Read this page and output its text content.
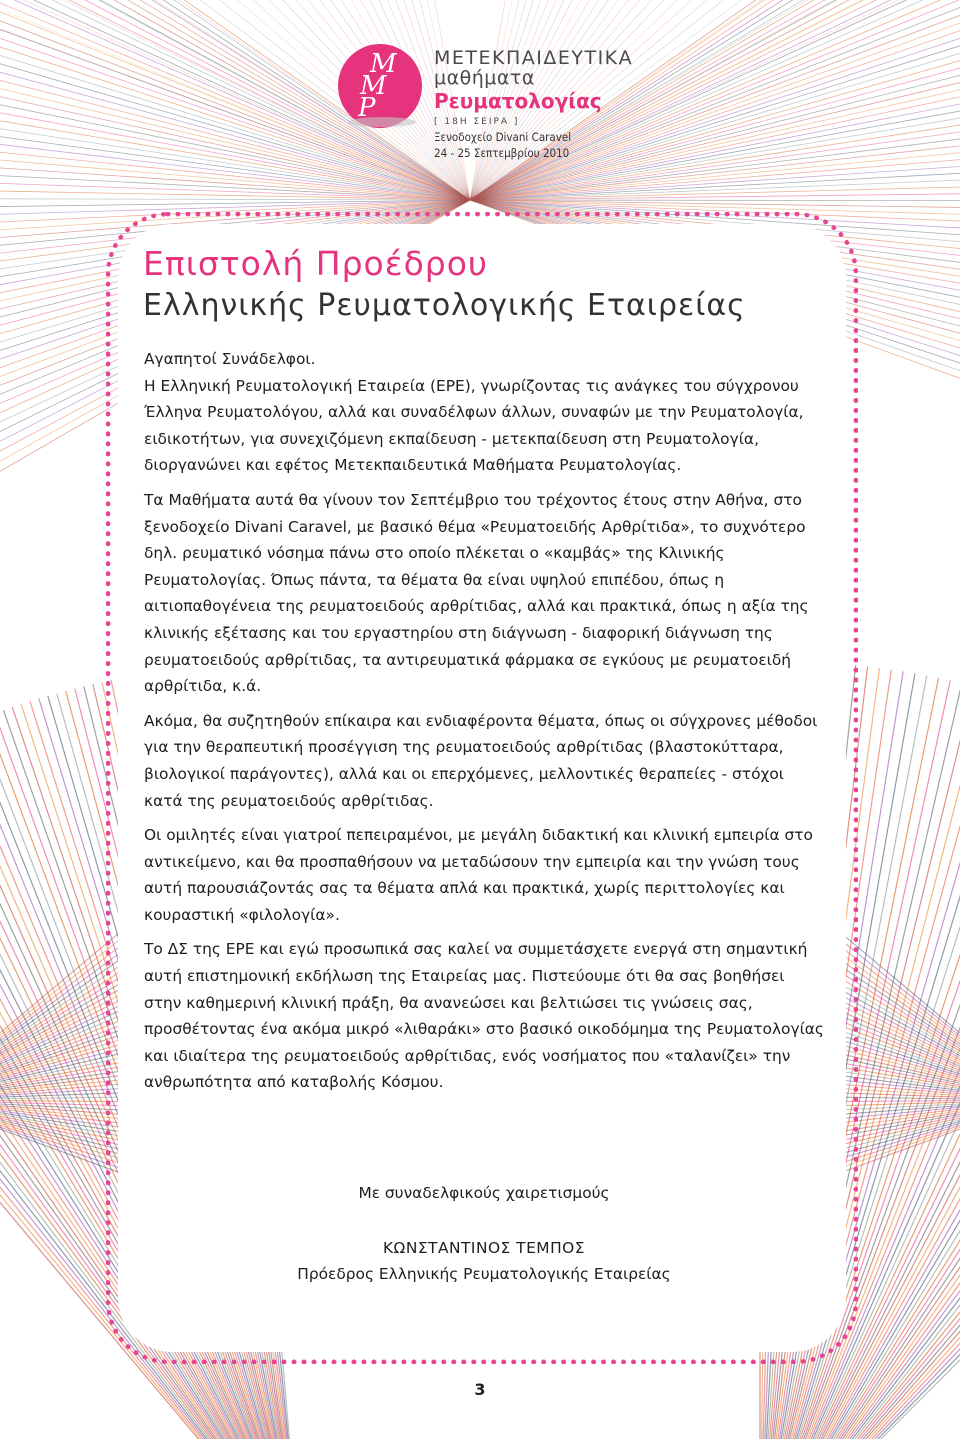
Μ
Μ
Ρ
ΜΕΤΕΚΠΑΙΔΕΥΤΙΚΑ
μαθήματα
Ρευματολογίας
[ 18Η ΣΕΙΡΑ ]
Ξενοδοχείο Divani Caravel
24 - 25 Σεπτεμβρίου 2010
Επιστολή Προέδρου
Ελληνικής Ρευματολογικής Εταιρείας

Αγαπητοί Συνάδελφοι.

Η Ελληνική Ρευματολογική Εταιρεία (ΕΡΕ), γνωρίζοντας τις ανάγκες του σύγχρονου Έλληνα Ρευματολόγου, αλλά και συναδέλφων άλλων, συναφών με την Ρευματολογία, ειδικοτήτων, για συνεχιζόμενη εκπαίδευση - μετεκπαίδευση στη Ρευματολογία, διοργανώνει και εφέτος Μετεκπαιδευτικά Μαθήματα Ρευματολογίας.

Τα Μαθήματα αυτά θα γίνουν τον Σεπτέμβριο του τρέχοντος έτους στην Αθήνα, στο ξενοδοχείο Divani Caravel, με βασικό θέμα «Ρευματοειδής Αρθρίτιδα», το συχνότερο δηλ. ρευματικό νόσημα πάνω στο οποίο πλέκεται ο «καμβάς» της Κλινικής Ρευματολογίας. Όπως πάντα, τα θέματα θα είναι υψηλού επιπέδου, όπως η αιτιοπαθογένεια της ρευματοειδούς αρθρίτιδας, αλλά και πρακτικά, όπως η αξία της κλινικής εξέτασης και του εργαστηρίου στη διάγνωση - διαφορική διάγνωση της ρευματοειδούς αρθρίτιδας, τα αντιρευματικά φάρμακα σε εγκύους με ρευματοειδή αρθρίτιδα, κ.ά.

Ακόμα, θα συζητηθούν επίκαιρα και ενδιαφέροντα θέματα, όπως οι σύγχρονες μέθοδοι για την θεραπευτική προσέγγιση της ρευματοειδούς αρθρίτιδας (βλαστοκύτταρα, βιολογικοί παράγοντες), αλλά και οι επερχόμενες, μελλοντικές θεραπείες - στόχοι κατά της ρευματοειδούς αρθρίτιδας.

Οι ομιλητές είναι γιατροί πεπειραμένοι, με μεγάλη διδακτική και κλινική εμπειρία στο αντικείμενο, και θα προσπαθήσουν να μεταδώσουν την εμπειρία και την γνώση τους αυτή παρουσιάζοντάς σας τα θέματα απλά και πρακτικά, χωρίς περιττολογίες και κουραστική «φιλολογία».

Το ΔΣ της ΕΡΕ και εγώ προσωπικά σας καλεί να συμμετάσχετε ενεργά στη σημαντική αυτή επιστημονική εκδήλωση της Εταιρείας μας. Πιστεύουμε ότι θα σας βοηθήσει στην καθημερινή κλινική πράξη, θα ανανεώσει και βελτιώσει τις γνώσεις σας, προσθέτοντας ένα ακόμα μικρό «λιθαράκι» στο βασικό οικοδόμημα της Ρευματολογίας και ιδιαίτερα της ρευματοειδούς αρθρίτιδας, ενός νοσήματος που «ταλανίζει» την ανθρωπότητα από καταβολής Κόσμου.

Με συναδελφικούς χαιρετισμούς
ΚΩΝΣΤΑΝΤΙΝΟΣ ΤΕΜΠΟΣ
Πρόεδρος Ελληνικής Ρευματολογικής Εταιρείας
3
